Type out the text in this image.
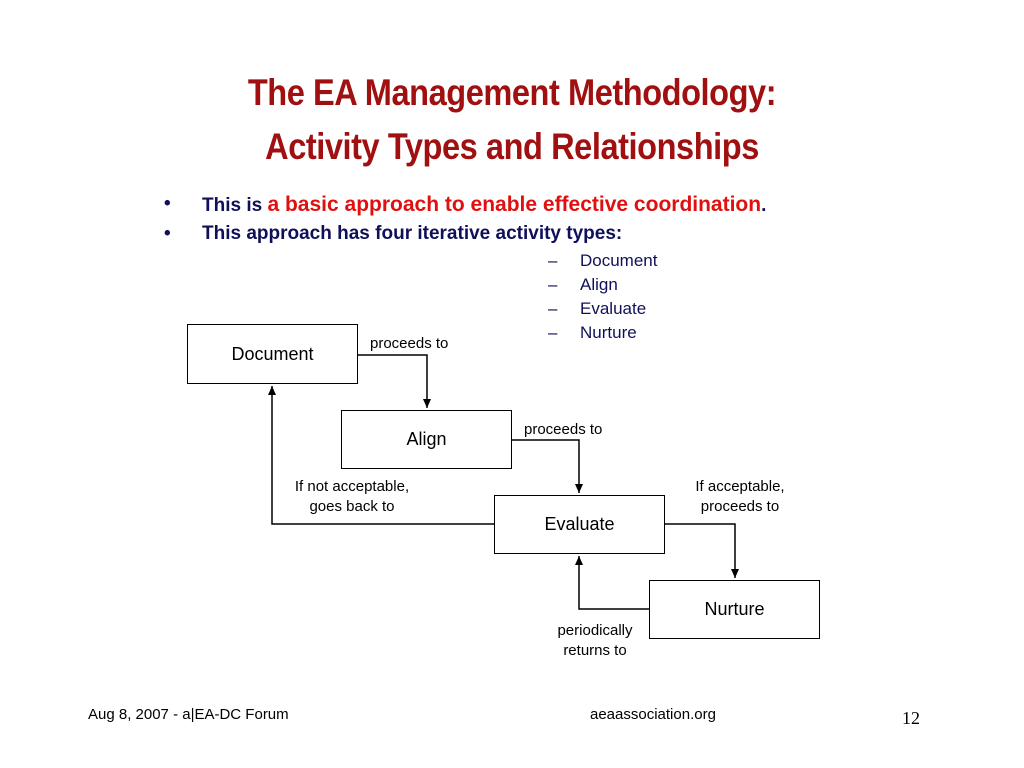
The EA Management Methodology:
Activity Types and Relationships
• This is a basic approach to enable effective coordination.
• This approach has four iterative activity types:
– Document
– Align
– Evaluate
– Nurture
Document
Align
Evaluate
Nurture
proceeds to
proceeds to
If not acceptable,
goes back to
If acceptable,
proceeds to
periodically
returns to
Aug 8, 2007 - a|EA-DC Forum	aeaassociation.org	12
